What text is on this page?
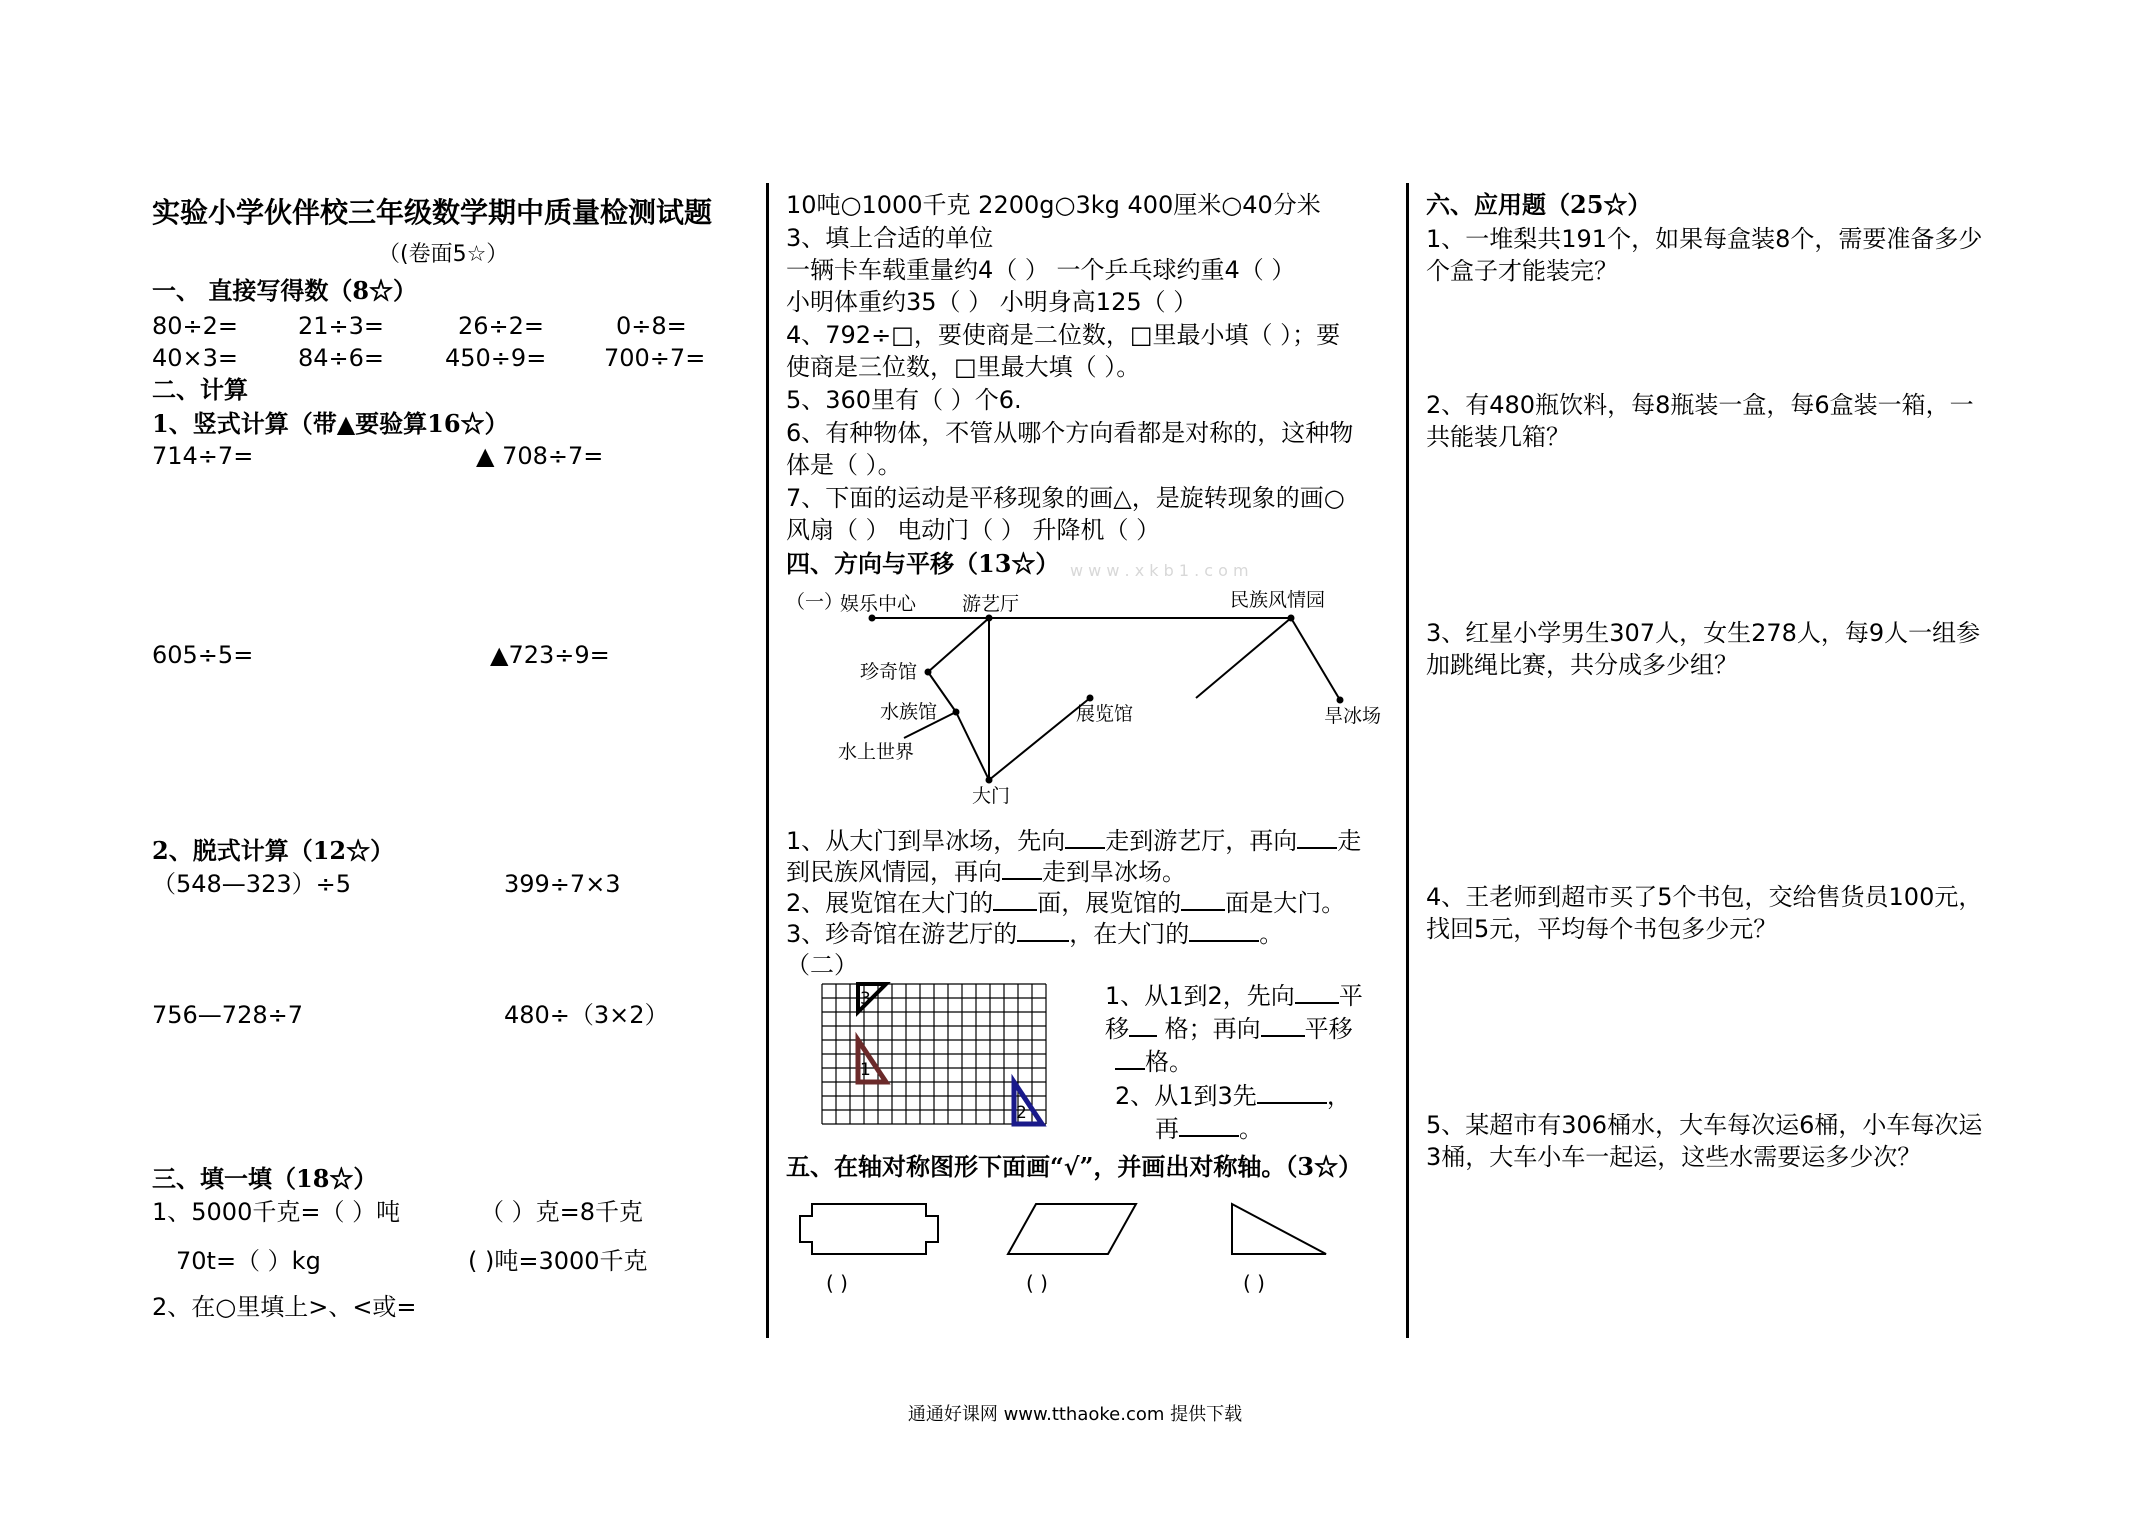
实验小学伙伴校三年级数学期中质量检测试题
（(卷面5☆）
一、 直接写得数（8☆）
80÷2= 21÷3=	26÷2=	0÷8=
40×3= 84÷6=	450÷9= 700÷7=
二、计算
1、竖式计算（带▲要验算16☆）
714÷7=	▲ 708÷7=
605÷5=	▲723÷9=
2、脱式计算（12☆）
（548—323）÷5	399÷7×3
756—728÷7	480÷（3×2）
三、填一填（18☆）
1、5000千克=（ ）吨	（ ）克=8千克
70t=（ ）kg	( )吨=3000千克
2、在○里填上>、<或=
10吨○1000千克 2200g○3kg 400厘米○40分米
3、填上合适的单位
一辆卡车载重量约4（ ） 一个乒乓球约重4（ ）
小明体重约35（ ） 小明身高125（ ）
4、792÷□，要使商是二位数，□里最小填（ ）；要
使商是三位数，□里最大填（ ）。
5、360里有（ ）个6.
6、有种物体，不管从哪个方向看都是对称的，这种物
体是（ ）。
7、下面的运动是平移现象的画△，是旋转现象的画○
风扇（ ） 电动门（ ） 升降机（ ）
四、方向与平移（13☆） w w w . x k b 1 . c o m
（一）
娱乐中心 游艺厅	民族风情园
珍奇馆
水族馆	展览馆	旱冰场
水上世界
大门
1、从大门到旱冰场，先向 走到游艺厅，再向 走
到民族风情园，再向 走到旱冰场。
2、展览馆在大门的 面，展览馆的 面是大门。
3、珍奇馆在游艺厅的 ，在大门的	。
（二）
3
1
2
1、从1到2，先向 平
移 格；再向 平移
格。
2、从1到3先	，
再	。
五、在轴对称图形下面画“√”，并画出对称轴。（3☆）
( )	( )	( )
六、应用题（25☆）
1、一堆梨共191个，如果每盒装8个，需要准备多少
个盒子才能装完？
2、有480瓶饮料，每8瓶装一盒，每6盒装一箱，一
共能装几箱？
3、红星小学男生307人，女生278人，每9人一组参
加跳绳比赛，共分成多少组？
4、王老师到超市买了5个书包，交给售货员100元，
找回5元，平均每个书包多少元？
5、某超市有306桶水，大车每次运6桶，小车每次运
3桶，大车小车一起运，这些水需要运多少次？
通通好课网 www.tthaoke.com 提供下载
